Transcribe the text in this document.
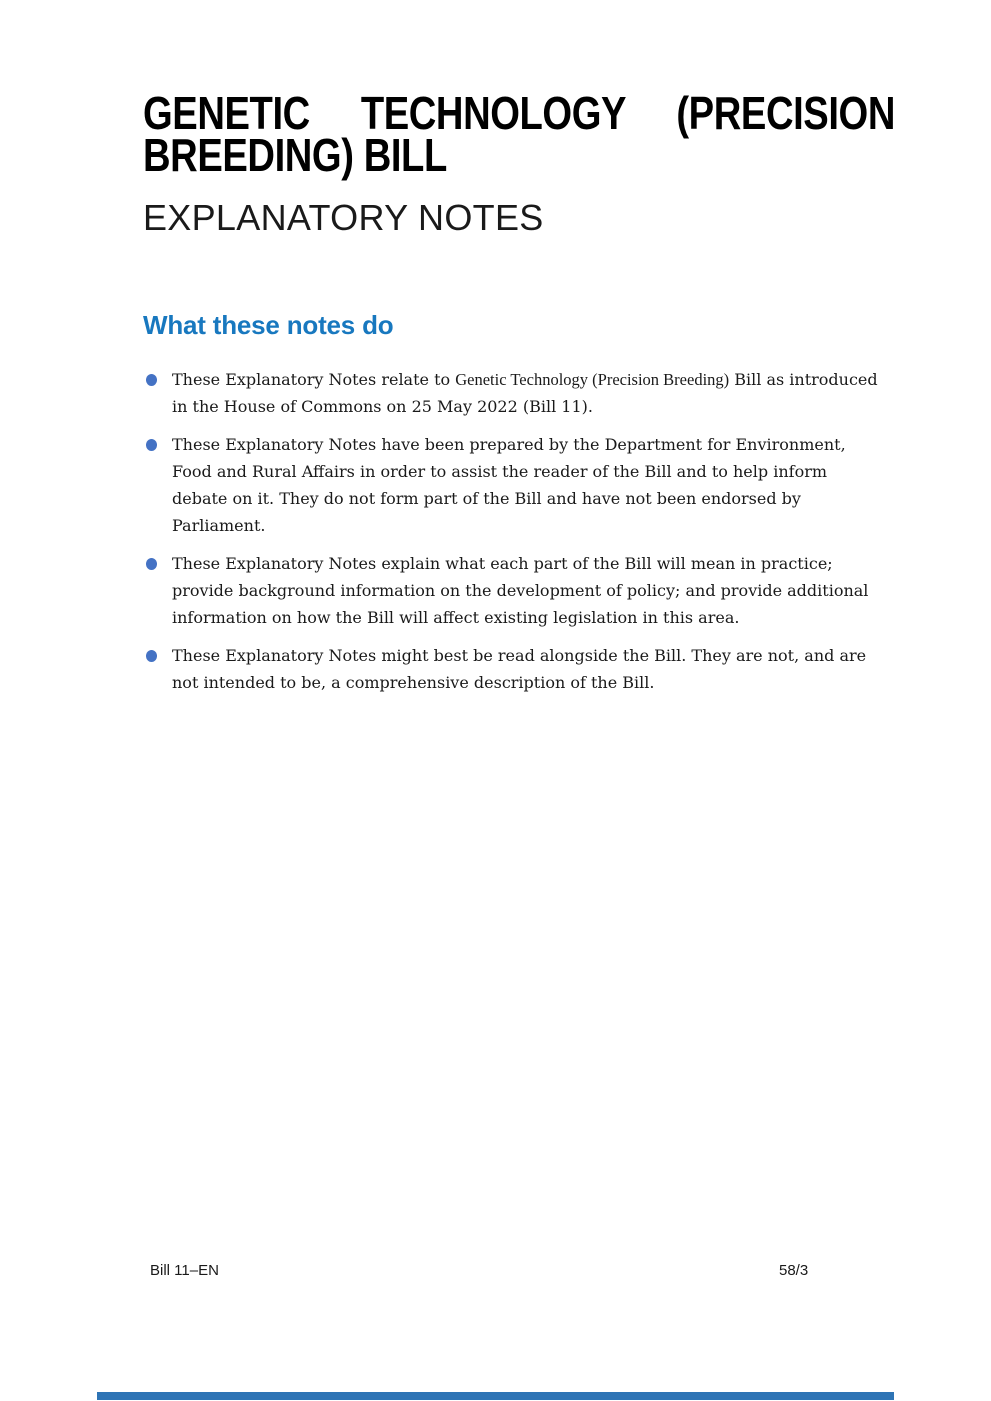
GENETIC TECHNOLOGY (PRECISION
BREEDING) BILL
EXPLANATORY NOTES
What these notes do
These Explanatory Notes relate to Genetic Technology (Precision Breeding) Bill as introduced in the House of Commons on 25 May 2022 (Bill 11).
These Explanatory Notes have been prepared by the Department for Environment, Food and Rural Affairs in order to assist the reader of the Bill and to help inform debate on it. They do not form part of the Bill and have not been endorsed by Parliament.
These Explanatory Notes explain what each part of the Bill will mean in practice; provide background information on the development of policy; and provide additional information on how the Bill will affect existing legislation in this area.
These Explanatory Notes might best be read alongside the Bill. They are not, and are not intended to be, a comprehensive description of the Bill.
Bill 11–EN	58/3
